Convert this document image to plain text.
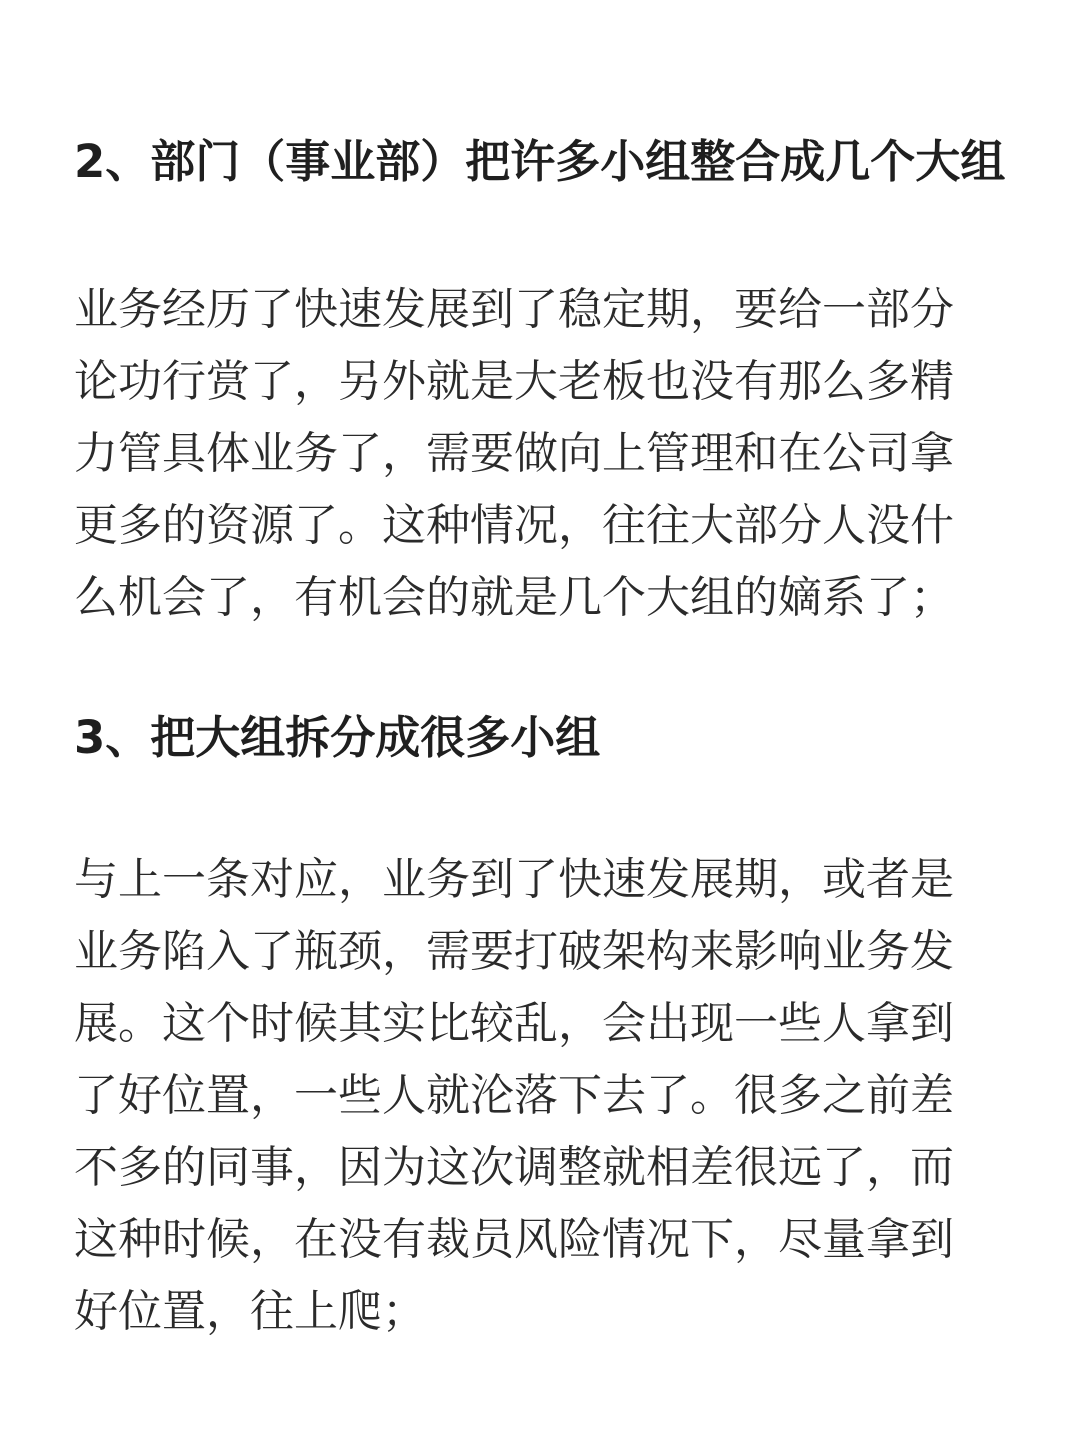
2、部门（事业部）把许多小组整合成几个大组
业务经历了快速发展到了稳定期，要给一部分
论功行赏了，另外就是大老板也没有那么多精
力管具体业务了，需要做向上管理和在公司拿
更多的资源了。这种情况，往往大部分人没什
么机会了，有机会的就是几个大组的嫡系了；
3、把大组拆分成很多小组
与上一条对应，业务到了快速发展期，或者是
业务陷入了瓶颈，需要打破架构来影响业务发
展。这个时候其实比较乱，会出现一些人拿到
了好位置，一些人就沦落下去了。很多之前差
不多的同事，因为这次调整就相差很远了，而
这种时候，在没有裁员风险情况下，尽量拿到
好位置，往上爬；
